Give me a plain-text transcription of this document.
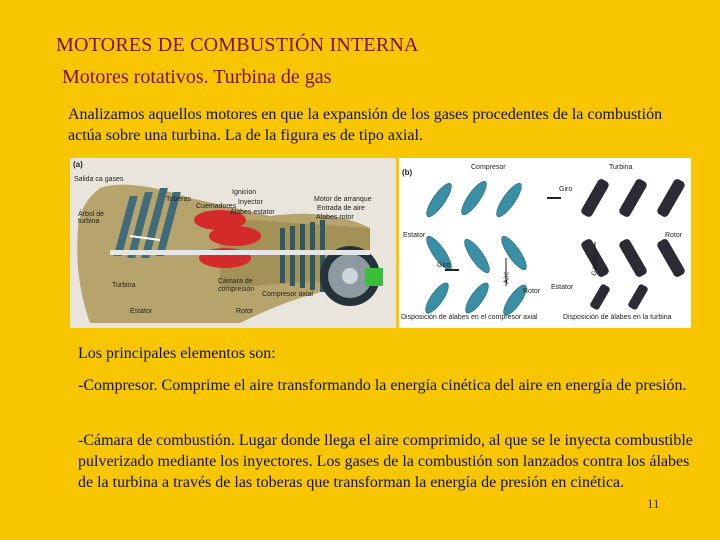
MOTORES DE COMBUSTIÓN INTERNA
Motores rotativos. Turbina de gas
Analizamos aquellos motores en que la expansión de los gases procedentes de la combustión actúa sobre una turbina. La de la figura es de tipo axial.
(a)
Salida ca gases
Toberas
Cuemadores
Ignicion
Inyector
Álabes estator
Motor de arranque
Entrada de aire
Alabes rotor
Árbol de turbina
Turbina
Cámara de
compresión
Compresor axial
Estator	Rotor
(b)
Compresor	Turbina
Giro
Estator	Rotor
Giro
Aire
Gases
Rotor
Estator
Disposición de álabes en el compresor axial	Disposición de álabes en la turbina
Los principales elementos son:
-Compresor. Comprime el aire transformando la energía cinética del aire en energía de presión.
-Cámara de combustión. Lugar donde llega el aire comprimido, al que se le inyecta combustible pulverizado mediante los inyectores. Los gases de la combustión son lanzados contra los álabes de la turbina a través de las toberas que transforman la energía de presión en cinética.
11
